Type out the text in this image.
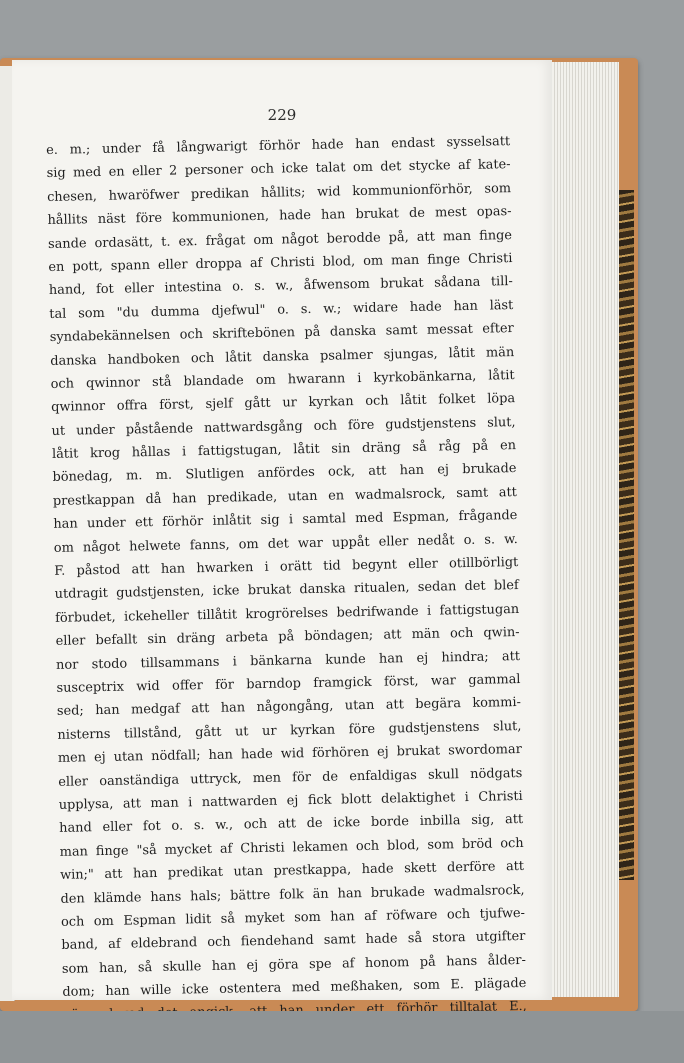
229
e. m.; under få långwarigt förhör hade han endast sysselsatt
sig med en eller 2 personer och icke talat om det stycke af kate-
chesen, hwaröfwer predikan hållits; wid kommunionförhör, som
hållits näst före kommunionen, hade han brukat de mest opas-
sande ordasätt, t. ex. frågat om något berodde på, att man finge
en pott, spann eller droppa af Christi blod, om man finge Christi
hand, fot eller intestina o. s. w., åfwensom brukat sådana till-
tal som "du dumma djefwul" o. s. w.; widare hade han läst
syndabekännelsen och skriftebönen på danska samt messat efter
danska handboken och låtit danska psalmer sjungas, låtit män
och qwinnor stå blandade om hwarann i kyrkobänkarna, låtit
qwinnor offra först, sjelf gått ur kyrkan och låtit folket löpa
ut under påstående nattwardsgång och före gudstjenstens slut,
låtit krog hållas i fattigstugan, låtit sin dräng så råg på en
bönedag, m. m. Slutligen anfördes ock, att han ej brukade
prestkappan då han predikade, utan en wadmalsrock, samt att
han under ett förhör inlåtit sig i samtal med Espman, frågande
om något helwete fanns, om det war uppåt eller nedåt o. s. w.
F. påstod att han hwarken i orätt tid begynt eller otillbörligt
utdragit gudstjensten, icke brukat danska ritualen, sedan det blef
förbudet, ickeheller tillåtit krogrörelses bedrifwande i fattigstugan
eller befallt sin dräng arbeta på böndagen; att män och qwin-
nor stodo tillsammans i bänkarna kunde han ej hindra; att
susceptrix wid offer för barndop framgick först, war gammal
sed; han medgaf att han någongång, utan att begära kommi-
nisterns tillstånd, gått ut ur kyrkan före gudstjenstens slut,
men ej utan nödfall; han hade wid förhören ej brukat swordomar
eller oanständiga uttryck, men för de enfaldigas skull nödgats
upplysa, att man i nattwarden ej fick blott delaktighet i Christi
hand eller fot o. s. w., och att de icke borde inbilla sig, att
man finge "så mycket af Christi lekamen och blod, som bröd och
win;" att han predikat utan prestkappa, hade skett derföre att
den klämde hans hals; bättre folk än han brukade wadmalsrock,
och om Espman lidit så myket som han af röfware och tjufwe-
band, af eldebrand och fiendehand samt hade så stora utgifter
som han, så skulle han ej göra spe af honom på hans ålder-
dom; han wille icke ostentera med meßhaken, som E. plägade
